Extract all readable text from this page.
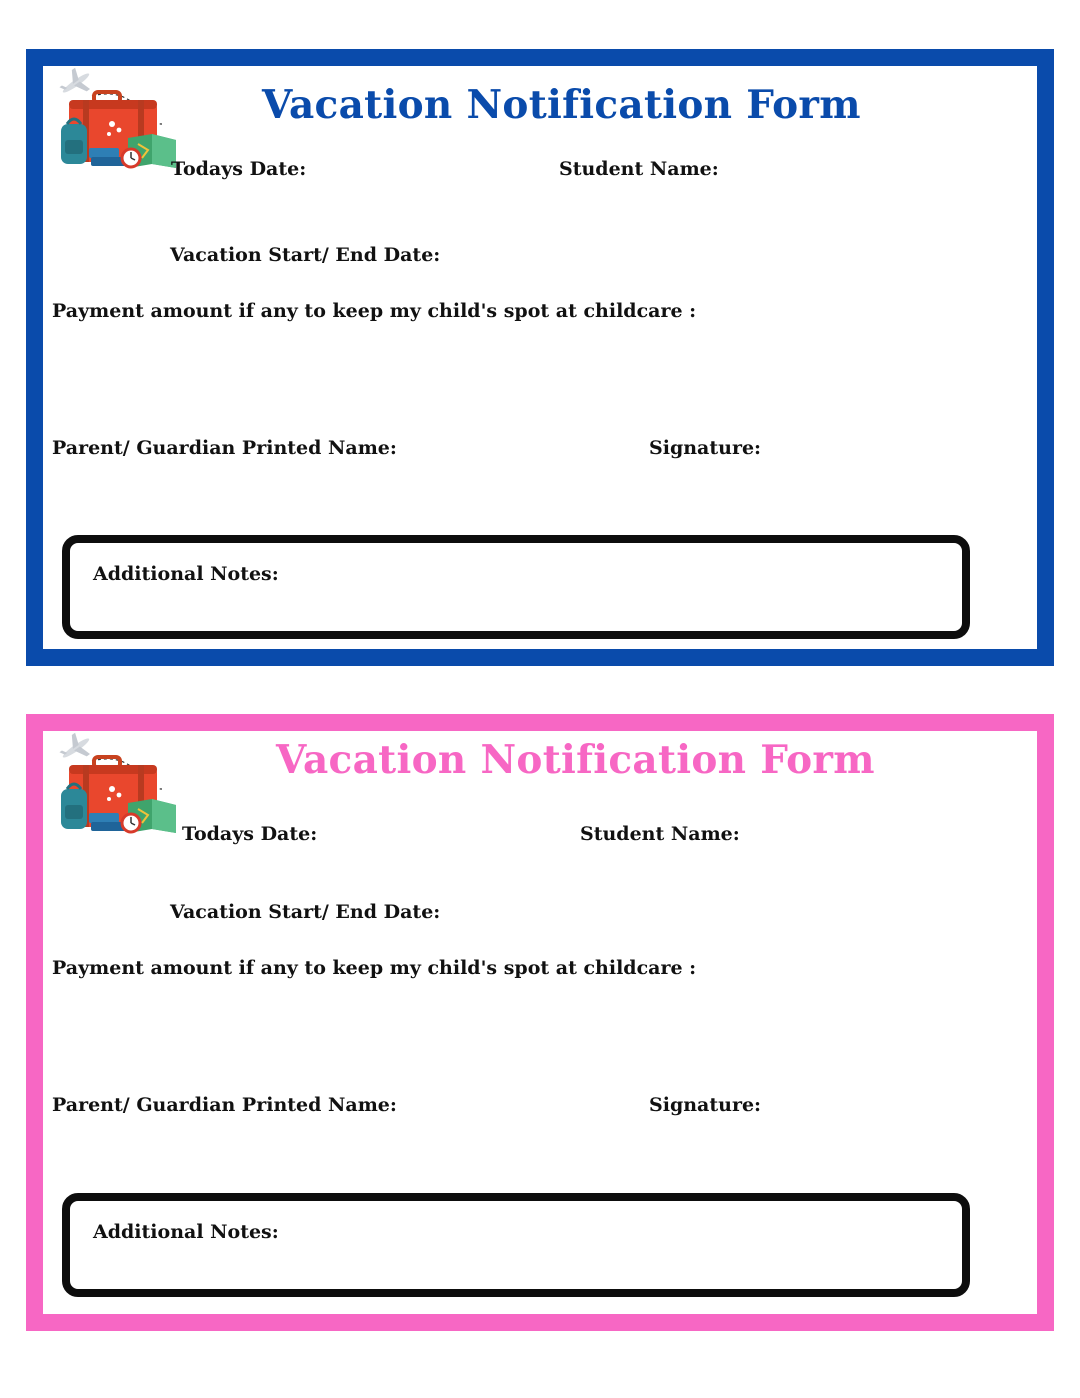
Vacation Notification Form
Todays Date:	Student Name:
Vacation Start/ End Date:
Payment amount if any to keep my child's spot at childcare :
Parent/ Guardian Printed Name:	Signature:
Additional Notes:
Vacation Notification Form
Todays Date:	Student Name:
Vacation Start/ End Date:
Payment amount if any to keep my child's spot at childcare :
Parent/ Guardian Printed Name:	Signature:
Additional Notes:
